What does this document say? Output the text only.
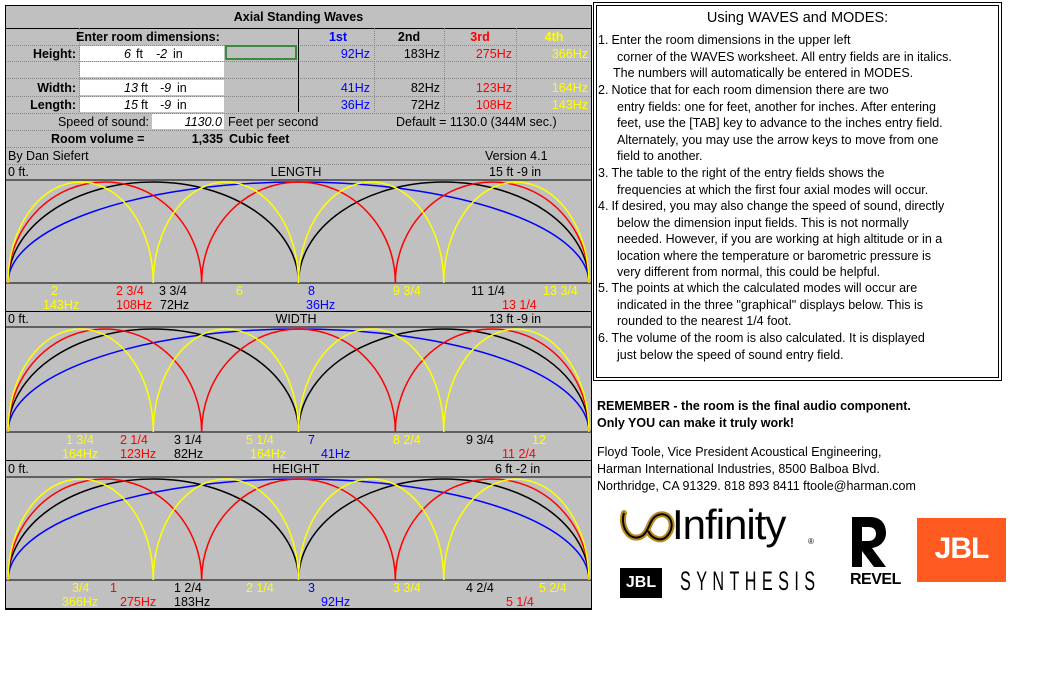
Axial Standing Waves
Enter room dimensions:	1st	2nd	3rd	4th
Height:	6 ft -2 in	92Hz	183Hz	275Hz	366Hz
Width:	13 ft -9 in	41Hz	82Hz	123Hz	164Hz
Length:	15 ft -9 in	36Hz	72Hz	108Hz	143Hz
Speed of sound:	1130.0 Feet per second	Default = 1130.0 (344M sec.)
Room volume =	1,335 Cubic feet
By Dan Siefert	Version 4.1
0 ft.	LENGTH	15 ft -9 in
2	2 3/4 3 3/4	6	8	9 3/4	11 1/4	13 3/4
143Hz	108Hz 72Hz	36Hz	13 1/4
0 ft.	WIDTH	13 ft -9 in
1 3/4 2 1/4 3 1/4	5 1/4	7	8 2/4	9 3/4	12
164Hz 123Hz 82Hz	164Hz	41Hz	11 2/4
0 ft.	HEIGHT	6 ft -2 in
3/4 1	1 2/4	2 1/4	3	3 3/4	4 2/4	5 2/4
366Hz 275Hz 183Hz	92Hz	5 1/4
Using WAVES and MODES:
1. Enter the room dimensions in the upper left

corner of the WAVES worksheet. All entry fields are in italics.
The numbers will automatically be entered in MODES.
2. Notice that for each room dimension there are two

entry fields: one for feet, another for inches. After entering
feet, use the [TAB] key to advance to the inches entry field.
Alternately, you may use the arrow keys to move from one
field to another.
3. The table to the right of the entry fields shows the

frequencies at which the first four axial modes will occur.
4. If desired, you may also change the speed of sound, directly

below the dimension input fields. This is not normally
needed. However, if you are working at high altitude or in a
location where the temperature or barometric pressure is
very different from normal, this could be helpful.
5. The points at which the calculated modes will occur are

indicated in the three "graphical" displays below. This is
rounded to the nearest 1/4 foot.
6. The volume of the room is also calculated. It is displayed

just below the speed of sound entry field.
REMEMBER - the room is the final audio component.
Only YOU can make it truly work!
Floyd Toole, Vice President Acoustical Engineering,
Harman International Industries, 8500 Balboa Blvd.
Northridge, CA 91329. 818 893 8411 ftoole@harman.com
Infinity	®
REVEL
JBL
JBL SYNTHESIS
